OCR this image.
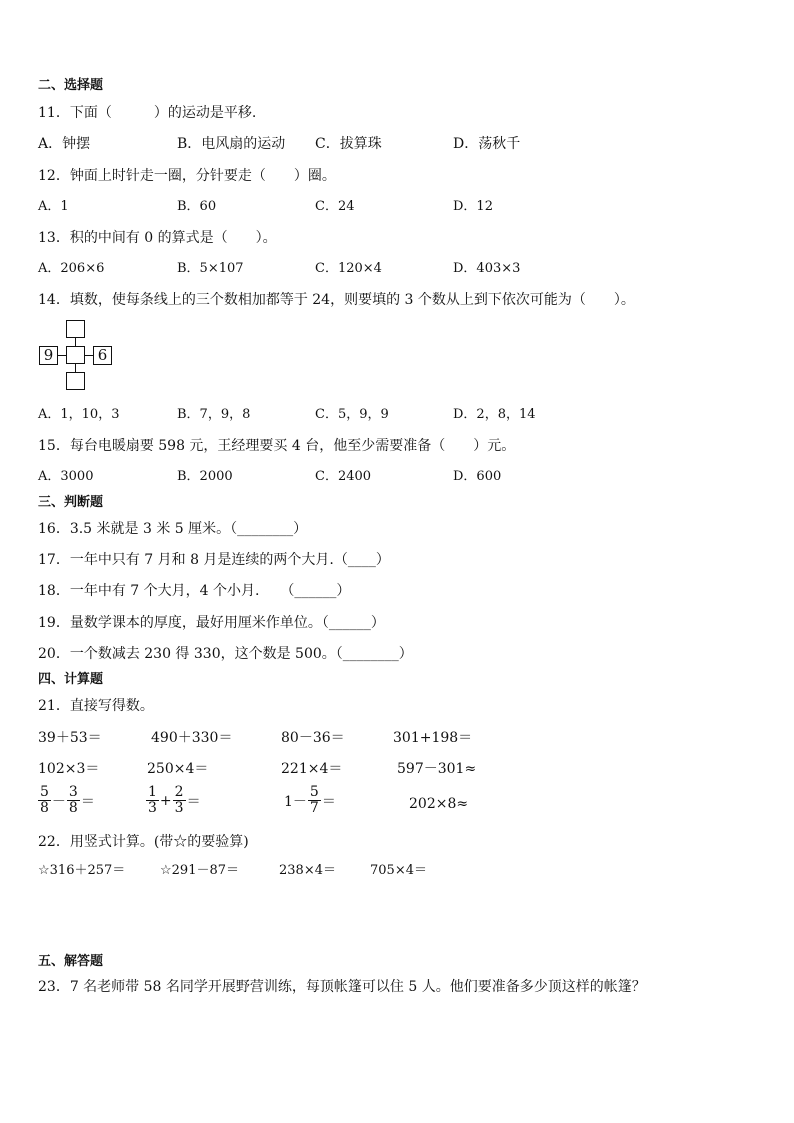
二、选择题
11．下面（　　　）的运动是平移.
A．钟摆	B．电风扇的运动 C．拔算珠	D．荡秋千
12．钟面上时针走一圈，分针要走（　　）圈。
A．1	B．60	C．24	D．12
13．积的中间有 0 的算式是（　　）。
A．206×6	B．5×107	C．120×4	D．403×3
14．填数，使每条线上的三个数相加都等于 24，则要填的 3 个数从上到下依次可能为（　　）。
9	6
A．1，10，3	B．7，9，8	C．5，9，9	D．2，8，14
15．每台电暖扇要 598 元，王经理要买 4 台，他至少需要准备（　　）元。
A．3000	B．2000	C．2400	D．600
三、判断题
16．3.5 米就是 3 米 5 厘米。（________）
17．一年中只有 7 月和 8 月是连续的两个大月.（____）
18．一年中有 7 个大月，4 个小月.　　（______）
19．量数学课本的厚度，最好用厘米作单位。（______）
20．一个数减去 230 得 330，这个数是 500。（________）
四、计算题
21．直接写得数。
39＋53＝	490＋330＝	80－36＝	301+198＝
102×3＝	250×4＝	221×4＝	597－301≈
$\frac{5}{8} - \frac{3}{8}$ ＝	$\frac{1}{3} + \frac{2}{3}$ ＝	$1- \frac{5}{7}$ ＝	202×8≈
22．用竖式计算。(带☆的要验算)
☆316＋257＝	☆291－87＝	238×4＝	705×4＝
五、解答题
23．7 名老师带 58 名同学开展野营训练，每顶帐篷可以住 5 人。他们要准备多少顶这样的帐篷？
